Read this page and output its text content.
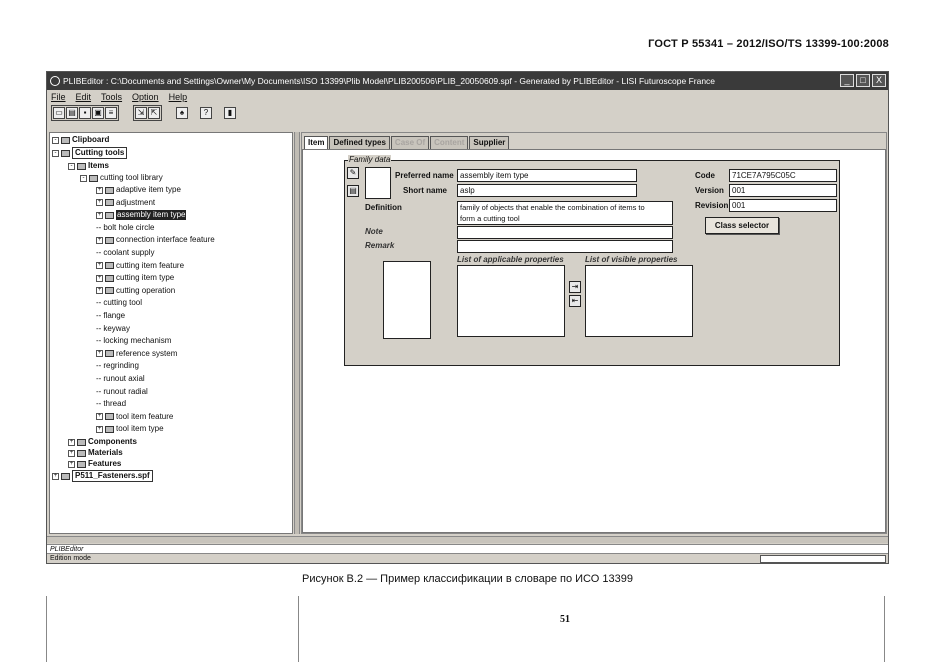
ГОСТ Р 55341 – 2012/ISO/TS 13399-100:2008
PLIBEditor : C:\Documents and Settings\Owner\My Documents\ISO 13399\Plib Model\PLIB200506\PLIB_20050609.spf - Generated by PLIBEditor - LISI Futuroscope France	_	□	X
File Edit Tools Option Help
▭ ▤ ▪ ▣ ≡	⇲ ⇱	♠	?	▮
-	Clipboard
-	Cutting tools
-	Items
-	cutting tool library
+ adaptive item type
+ adjustment
+ assembly item type
-- bolt hole circle
+ connection interface feature
-- coolant supply
+ cutting item feature
+ cutting item type
+ cutting operation
-- cutting tool
-- flange
-- keyway
-- locking mechanism
+ reference system
-- regrinding
-- runout axial
-- runout radial
-- thread
+ tool item feature
+ tool item type
+ Components
+ Materials
+ Features
+	P511_Fasteners.spf
Item	Defined types	Case Of	Content	Supplier
Family data
✎
▤
Preferred name assembly item type
Short name	aslp
Definition	family of objects that enable the combination of items to
form a cutting tool
Note
Remark
Code	71CE7A795C05C
Version	001
Revision 001
Class selector
List of applicable properties
⇥
⇤
List of visible properties
PLIBEditor
Edition mode
Рисунок В.2 — Пример классификации в словаре по ИСО 13399
51
